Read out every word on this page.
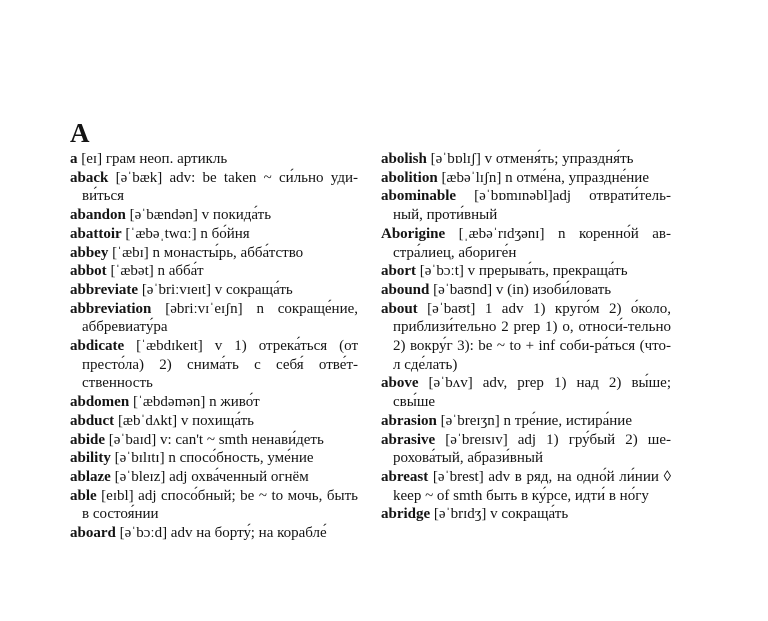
A

a [eɪ] грам неоп. артикль

aback [əˈbæk] adv: be taken ~ си́льно уди-ви́ться

abandon [əˈbændən] v покида́ть

abattoir [ˈæbəˌtwɑː] n бо́йня

abbey [ˈæbɪ] n монасты́рь, абба́тство

abbot [ˈæbət] n абба́т

abbreviate [əˈbriːvɪeɪt] v сокраща́ть

abbreviation [əbriːvɪˈeɪʃn] n сокраще́ние, аббревиату́ра

abdicate [ˈæbdɪkeɪt] v 1) отрека́ться (от престо́ла) 2) снима́ть с себя́ отве́т-ственность

abdomen [ˈæbdəmən] n живо́т

abduct [æbˈdʌkt] v похища́ть

abide [əˈbaɪd] v: can't ~ smth ненави́деть

ability [əˈbɪlɪtɪ] n спосо́бность, уме́ние

ablaze [əˈbleɪz] adj охва́ченный огнём

able [eɪbl] adj спосо́бный; be ~ to мочь, быть в состоя́нии

aboard [əˈbɔːd] adv на борту́; на корабле́

abolish [əˈbɒlɪʃ] v отменя́ть; упраздня́ть

abolition [æbəˈlɪʃn] n отме́на, упраздне́ние

abominable [əˈbɒmɪnəbl]adj отврати́тель-ный, проти́вный

Aborigine [ˌæbəˈrɪdʒənɪ] n коренно́й ав-стра́лиец, абориге́н

abort [əˈbɔːt] v прерыва́ть, прекраща́ть

abound [əˈbaʊnd] v (in) изоби́ловать

about [əˈbaʊt] 1 adv 1) круго́м 2) о́коло, приблизи́тельно 2 prep 1) о, относи́-тельно 2) вокру́г 3): be ~ to + inf соби-ра́ться (что-л сде́лать)

above [əˈbʌv] adv, prep 1) над 2) вы́ше; свы́ше

abrasion [əˈbreɪʒn] n тре́ние, истира́ние

abrasive [əˈbreɪsɪv] adj 1) гру́бый 2) ше-рохова́тый, абрази́вный

abreast [əˈbrest] adv в ряд, на одно́й ли́нии ◊ keep ~ of smth быть в ку́рсе, идти́ в но́гу

abridge [əˈbrɪdʒ] v сокраща́ть
